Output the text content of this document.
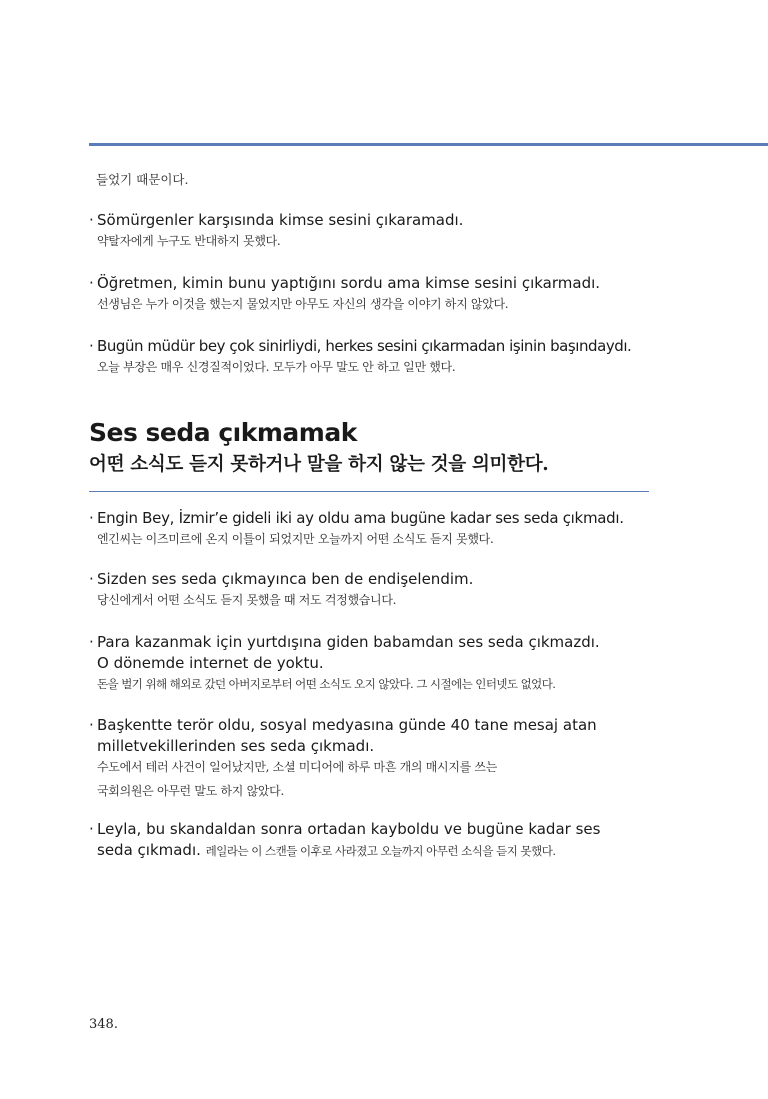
들었기 때문이다.
· Sömürgenler karşısında kimse sesini çıkaramadı.
약탈자에게 누구도 반대하지 못했다.
· Öğretmen, kimin bunu yaptığını sordu ama kimse sesini çıkarmadı.
선생님은 누가 이것을 했는지 물었지만 아무도 자신의 생각을 이야기 하지 않았다.
· Bugün müdür bey çok sinirliydi, herkes sesini çıkarmadan işinin başındaydı.
오늘 부장은 매우 신경질적이었다. 모두가 아무 말도 안 하고 일만 했다.
Ses seda çıkmamak
어떤 소식도 듣지 못하거나 말을 하지 않는 것을 의미한다.
· Engin Bey, İzmir’e gideli iki ay oldu ama bugüne kadar ses seda çıkmadı.
엔긴씨는 이즈미르에 온지 이틀이 되었지만 오늘까지 어떤 소식도 듣지 못했다.
· Sizden ses seda çıkmayınca ben de endişelendim.
당신에게서 어떤 소식도 듣지 못했을 때 저도 걱정했습니다.
· Para kazanmak için yurtdışına giden babamdan ses seda çıkmazdı.
O dönemde internet de yoktu.
돈을 벌기 위해 해외로 갔던 아버지로부터 어떤 소식도 오지 않았다. 그 시절에는 인터넷도 없었다.
· Başkentte terör oldu, sosyal medyasına günde 40 tane mesaj atan
milletvekillerinden ses seda çıkmadı.
수도에서 테러 사건이 일어났지만, 소셜 미디어에 하루 마흔 개의 매시지를 쓰는
국회의원은 아무런 말도 하지 않았다.
· Leyla, bu skandaldan sonra ortadan kayboldu ve bugüne kadar ses
seda çıkmadı. 레일라는 이 스캔들 이후로 사라졌고 오늘까지 아무런 소식을 듣지 못했다.
348.
